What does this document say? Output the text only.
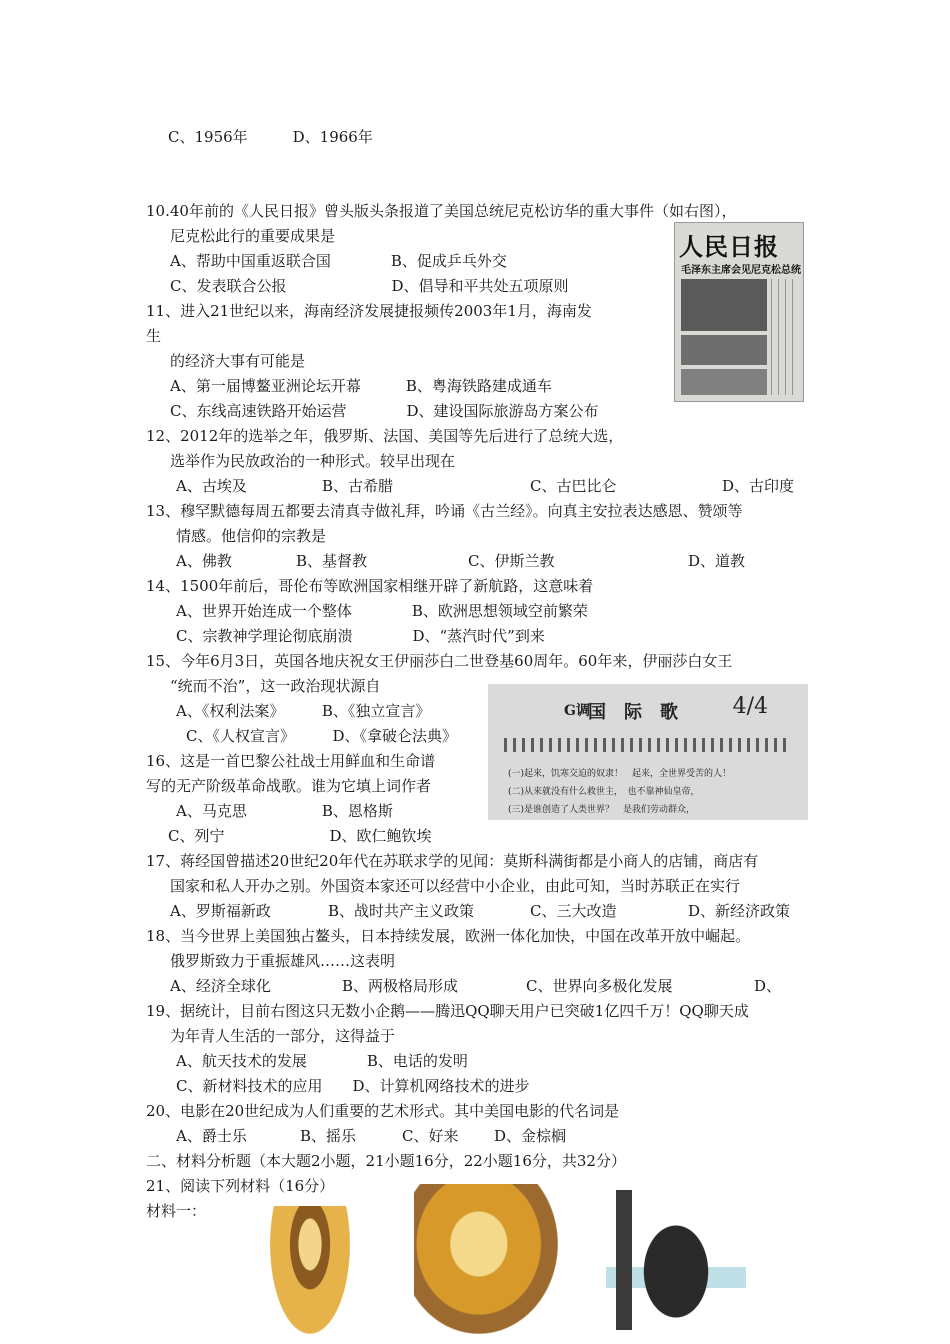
C、1956年　　　D、1966年
10.40年前的《人民日报》曾头版头条报道了美国总统尼克松访华的重大事件（如右图），
尼克松此行的重要成果是
A、帮助中国重返联合国　　　　B、促成乒乓外交
C、发表联合公报　　　　　　　D、倡导和平共处五项原则
11、进入21世纪以来，海南经济发展捷报频传2003年1月，海南发
生
的经济大事有可能是
A、第一届博鳌亚洲论坛开幕　　　B、粤海铁路建成通车
C、东线高速铁路开始运营　　　　D、建设国际旅游岛方案公布
12、2012年的选举之年，俄罗斯、法国、美国等先后进行了总统大选，
选举作为民放政治的一种形式。较早出现在
A、古埃及	B、古希腊	C、古巴比仑	D、古印度
13、穆罕默德每周五都要去清真寺做礼拜，吟诵《古兰经》。向真主安拉表达感恩、赞颂等
情感。他信仰的宗教是
A、佛教	B、基督教	C、伊斯兰教	D、道教
14、1500年前后，哥伦布等欧洲国家相继开辟了新航路，这意味着
A、世界开始连成一个整体　　　　B、欧洲思想领域空前繁荣
C、宗教神学理论彻底崩溃　　　　D、“蒸汽时代”到来
15、今年6月3日，英国各地庆祝女王伊丽莎白二世登基60周年。60年来，伊丽莎白女王
“统而不治”，这一政治现状源自
A、《权利法案》　　　B、《独立宣言》
C、《人权宣言》　　　D、《拿破仑法典》
16、这是一首巴黎公社战士用鲜血和生命谱
写的无产阶级革命战歌。谁为它填上词作者
A、马克思　　　　　B、恩格斯
C、列宁　　　　　　　D、欧仁鲍钦埃
17、蒋经国曾描述20世纪20年代在苏联求学的见闻：莫斯科满街都是小商人的店铺，商店有
国家和私人开办之别。外国资本家还可以经营中小企业，由此可知，当时苏联正在实行
A、罗斯福新政	B、战时共产主义政策	C、三大改造	D、新经济政策
18、当今世界上美国独占鳌头，日本持续发展，欧洲一体化加快，中国在改革开放中崛起。
俄罗斯致力于重振雄风……这表明
A、经济全球化	B、两极格局形成	C、世界向多极化发展	D、
19、据统计，目前右图这只无数小企鹅——腾迅QQ聊天用户已突破1亿四千万！QQ聊天成
为年青人生活的一部分，这得益于
A、航天技术的发展　　　　B、电话的发明
C、新材料技术的应用　　D、计算机网络技术的进步
20、电影在20世纪成为人们重要的艺术形式。其中美国电影的代名词是
A、爵士乐	B、摇乐	C、好来 D、金棕榈
二、材料分析题（本大题2小题，21小题16分，22小题16分，共32分）
21、阅读下列材料（16分）
材料一：
人民日报
毛泽东主席会见尼克松总统
G调
国际歌 4/4
(一)起来，饥寒交迫的奴隶！　起来，全世界受苦的人！
(二)从来就没有什么救世主，　也不靠神仙皇帝，
(三)是谁创造了人类世界？　是我们劳动群众，
